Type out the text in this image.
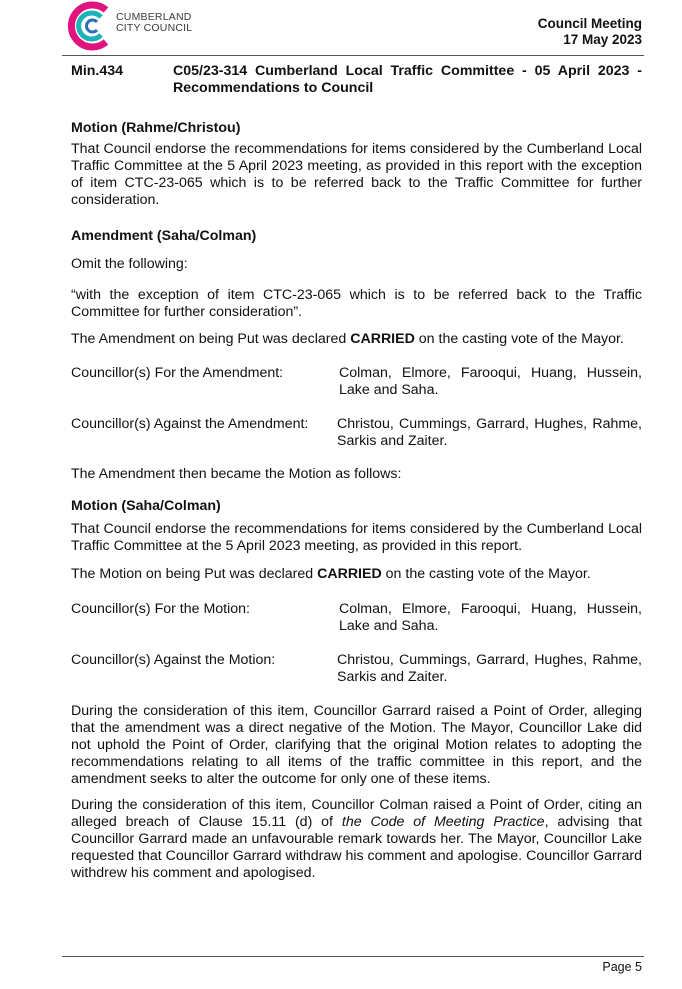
CUMBERLAND
CITY COUNCIL	Council Meeting
17 May 2023
Min.434	C05/23-314 Cumberland Local Traffic Committee - 05 April 2023 - Recommendations to Council
Motion (Rahme/Christou)
That Council endorse the recommendations for items considered by the Cumberland Local Traffic Committee at the 5 April 2023 meeting, as provided in this report with the exception of item CTC-23-065 which is to be referred back to the Traffic Committee for further consideration.
Amendment (Saha/Colman)
Omit the following:
“with the exception of item CTC-23-065 which is to be referred back to the Traffic Committee for further consideration”.
The Amendment on being Put was declared CARRIED on the casting vote of the Mayor.
Councillor(s) For the Amendment:	Colman, Elmore, Farooqui, Huang, Hussein, Lake and Saha.
Councillor(s) Against the Amendment: Christou, Cummings, Garrard, Hughes, Rahme, Sarkis and Zaiter.
The Amendment then became the Motion as follows:
Motion (Saha/Colman)
That Council endorse the recommendations for items considered by the Cumberland Local Traffic Committee at the 5 April 2023 meeting, as provided in this report.
The Motion on being Put was declared CARRIED on the casting vote of the Mayor.
Councillor(s) For the Motion:	Colman, Elmore, Farooqui, Huang, Hussein, Lake and Saha.
Councillor(s) Against the Motion:	Christou, Cummings, Garrard, Hughes, Rahme, Sarkis and Zaiter.
During the consideration of this item, Councillor Garrard raised a Point of Order, alleging that the amendment was a direct negative of the Motion. The Mayor, Councillor Lake did not uphold the Point of Order, clarifying that the original Motion relates to adopting the recommendations relating to all items of the traffic committee in this report, and the amendment seeks to alter the outcome for only one of these items.
During the consideration of this item, Councillor Colman raised a Point of Order, citing an alleged breach of Clause 15.11 (d) of the Code of Meeting Practice, advising that Councillor Garrard made an unfavourable remark towards her. The Mayor, Councillor Lake requested that Councillor Garrard withdraw his comment and apologise. Councillor Garrard withdrew his comment and apologised.
Page 5
